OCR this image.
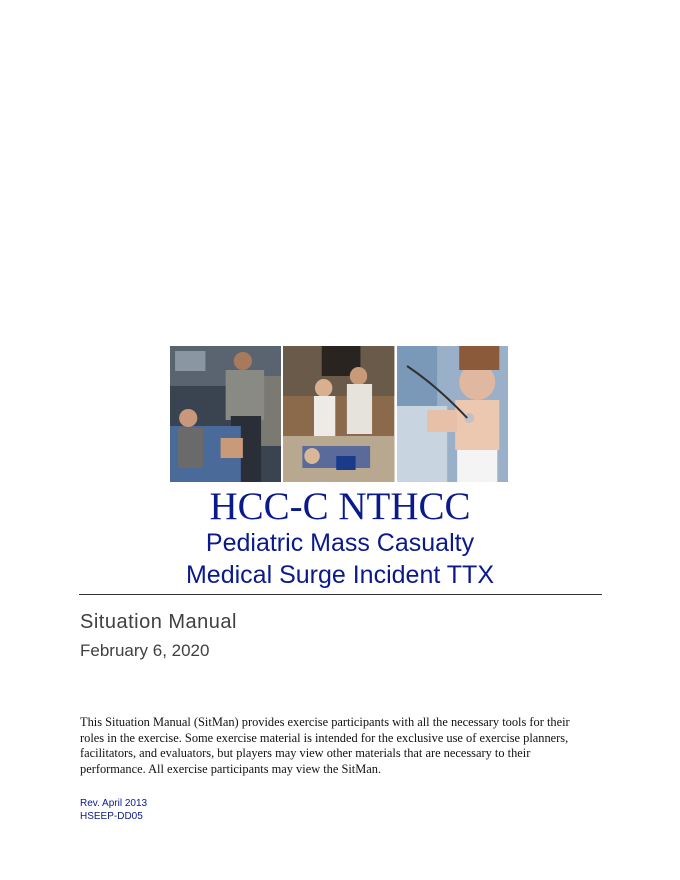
HCC-C NTHCC
Pediatric Mass Casualty
Medical Surge Incident TTX
Situation Manual
February 6, 2020
This Situation Manual (SitMan) provides exercise participants with all the necessary tools for their roles in the exercise. Some exercise material is intended for the exclusive use of exercise planners, facilitators, and evaluators, but players may view other materials that are necessary to their performance. All exercise participants may view the SitMan.
Rev. April 2013
HSEEP-DD05
